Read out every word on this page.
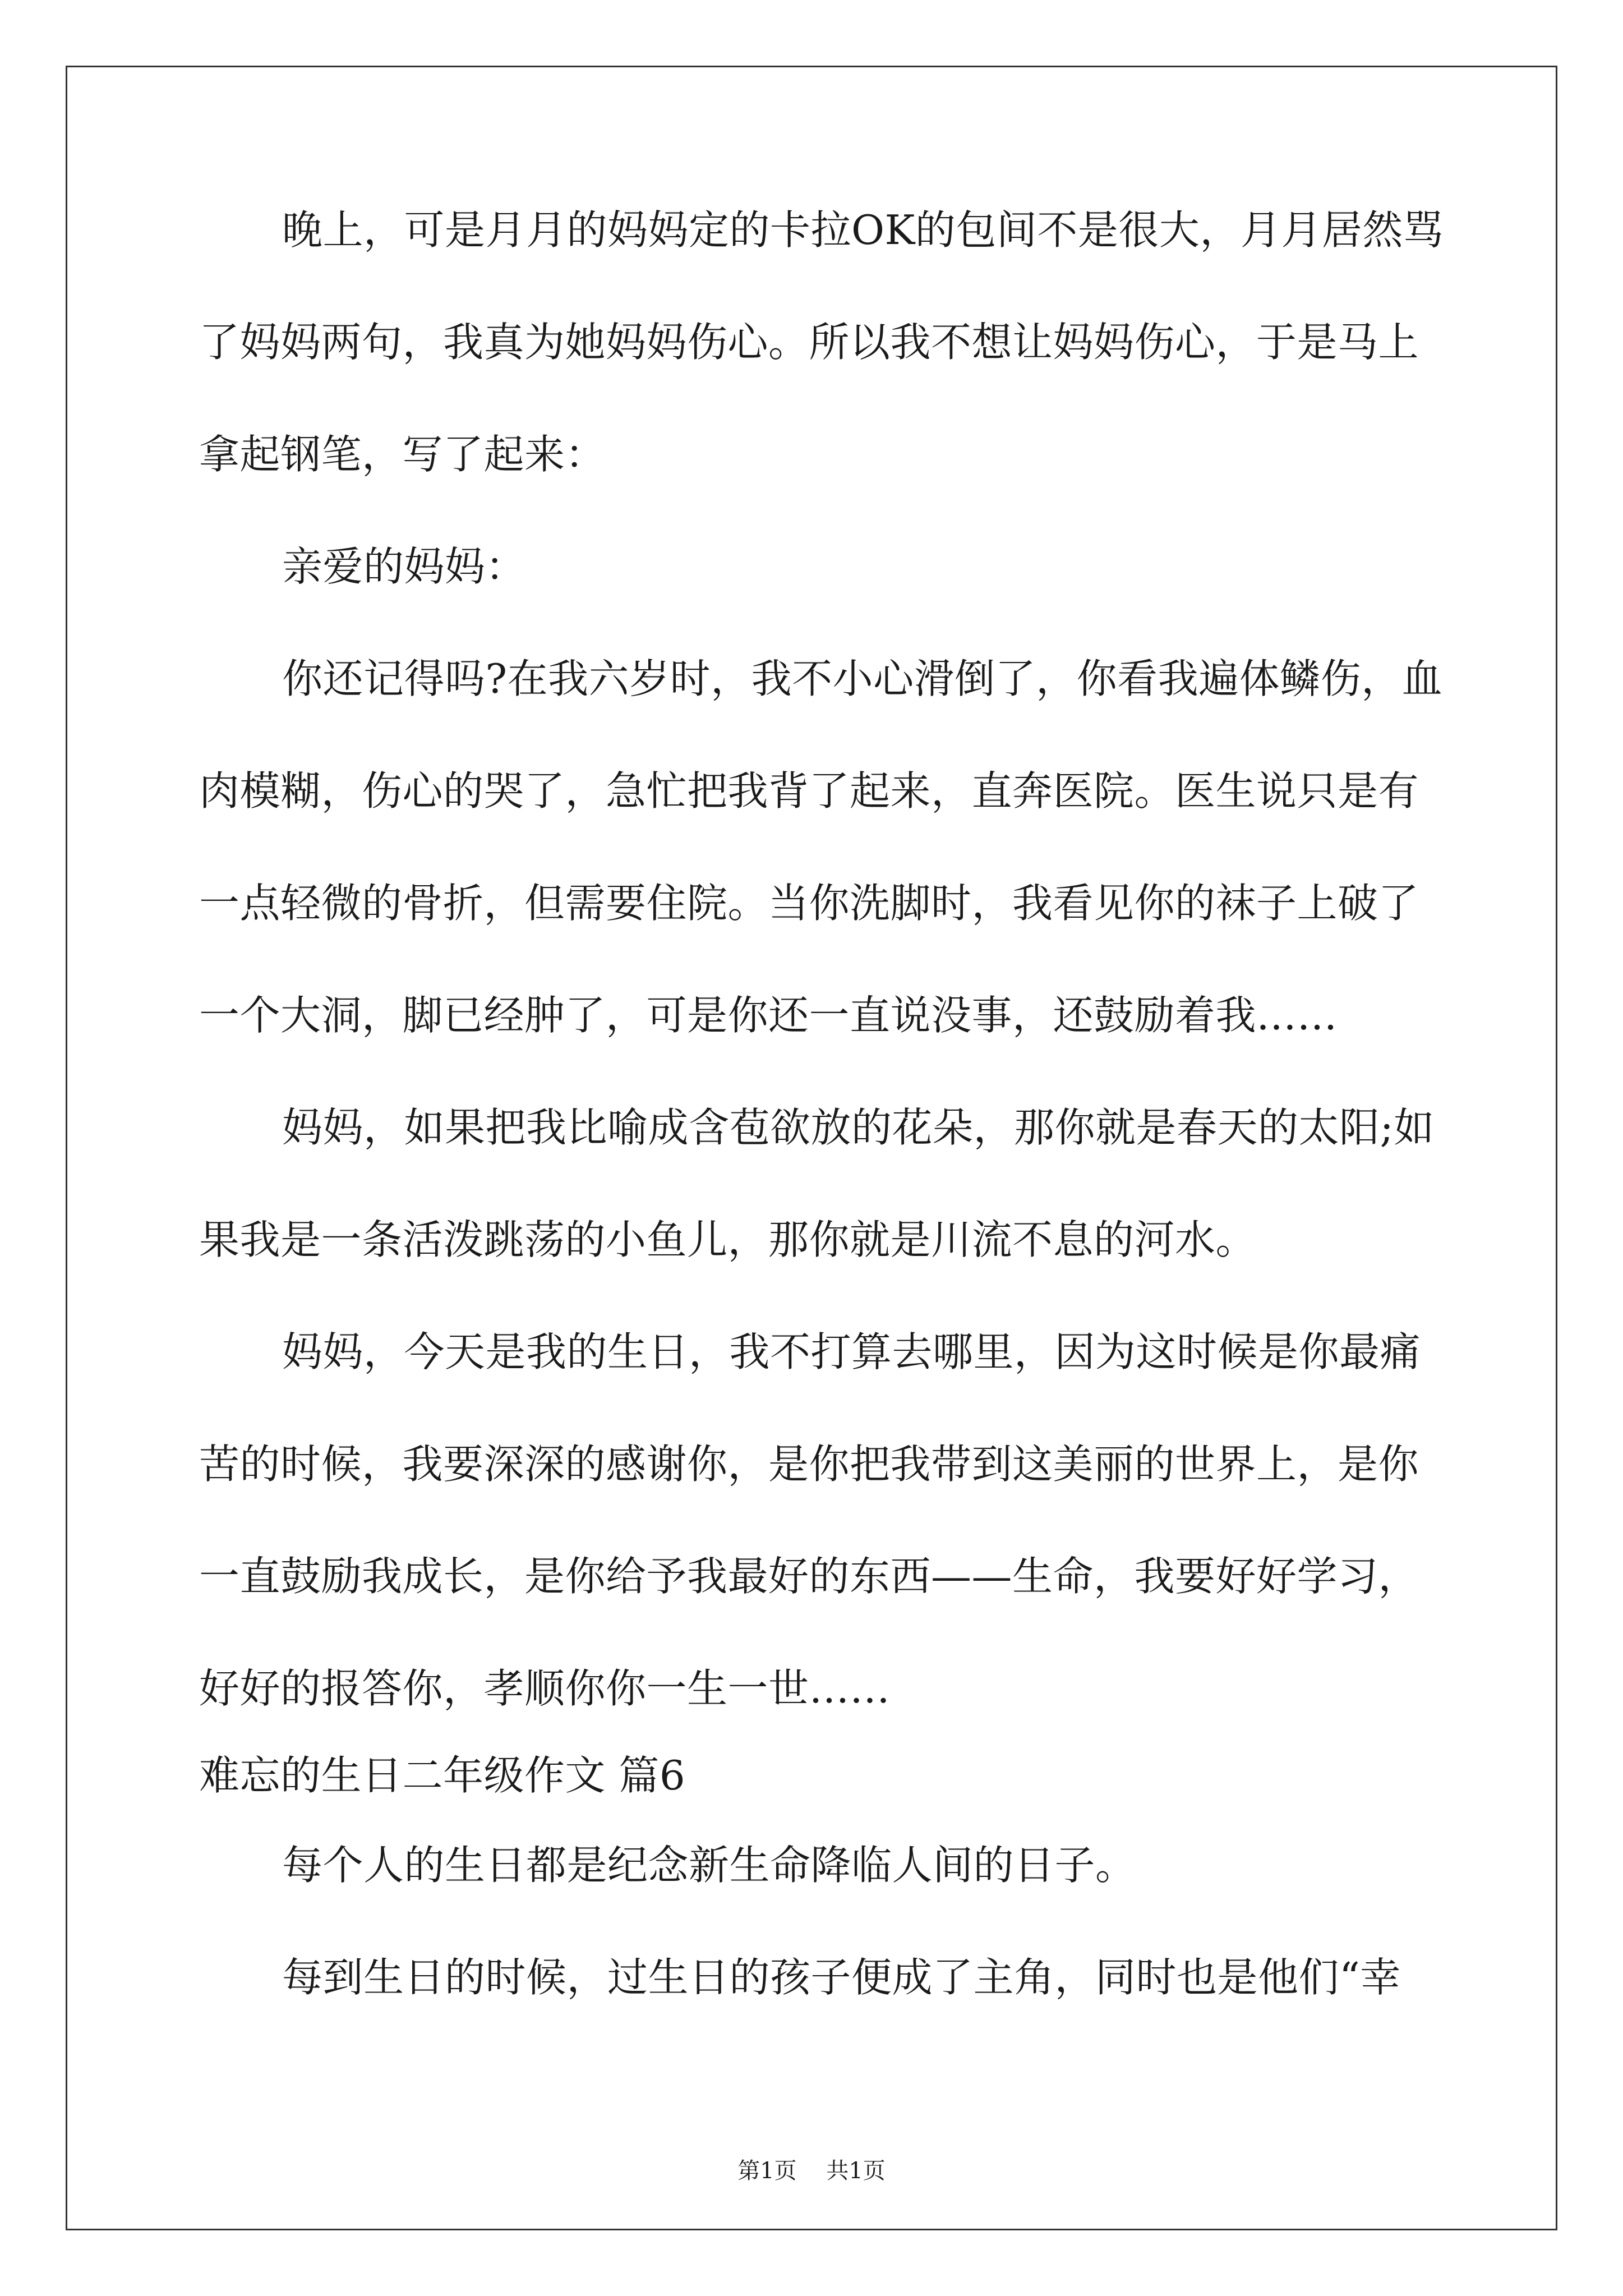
晚上，可是月月的妈妈定的卡拉OK的包间不是很大，月月居然骂
了妈妈两句，我真为她妈妈伤心。所以我不想让妈妈伤心，于是马上
拿起钢笔，写了起来：
亲爱的妈妈：
你还记得吗?在我六岁时，我不小心滑倒了，你看我遍体鳞伤，血
肉模糊，伤心的哭了，急忙把我背了起来，直奔医院。医生说只是有
一点轻微的骨折，但需要住院。当你洗脚时，我看见你的袜子上破了
一个大洞，脚已经肿了，可是你还一直说没事，还鼓励着我……
妈妈，如果把我比喻成含苞欲放的花朵，那你就是春天的太阳;如
果我是一条活泼跳荡的小鱼儿，那你就是川流不息的河水。
妈妈，今天是我的生日，我不打算去哪里，因为这时候是你最痛
苦的时候，我要深深的感谢你，是你把我带到这美丽的世界上，是你
一直鼓励我成长，是你给予我最好的东西——生命，我要好好学习，
好好的报答你，孝顺你你一生一世……
难忘的生日二年级作文 篇6
每个人的生日都是纪念新生命降临人间的日子。
每到生日的时候，过生日的孩子便成了主角，同时也是他们“幸
第1页 共1页
